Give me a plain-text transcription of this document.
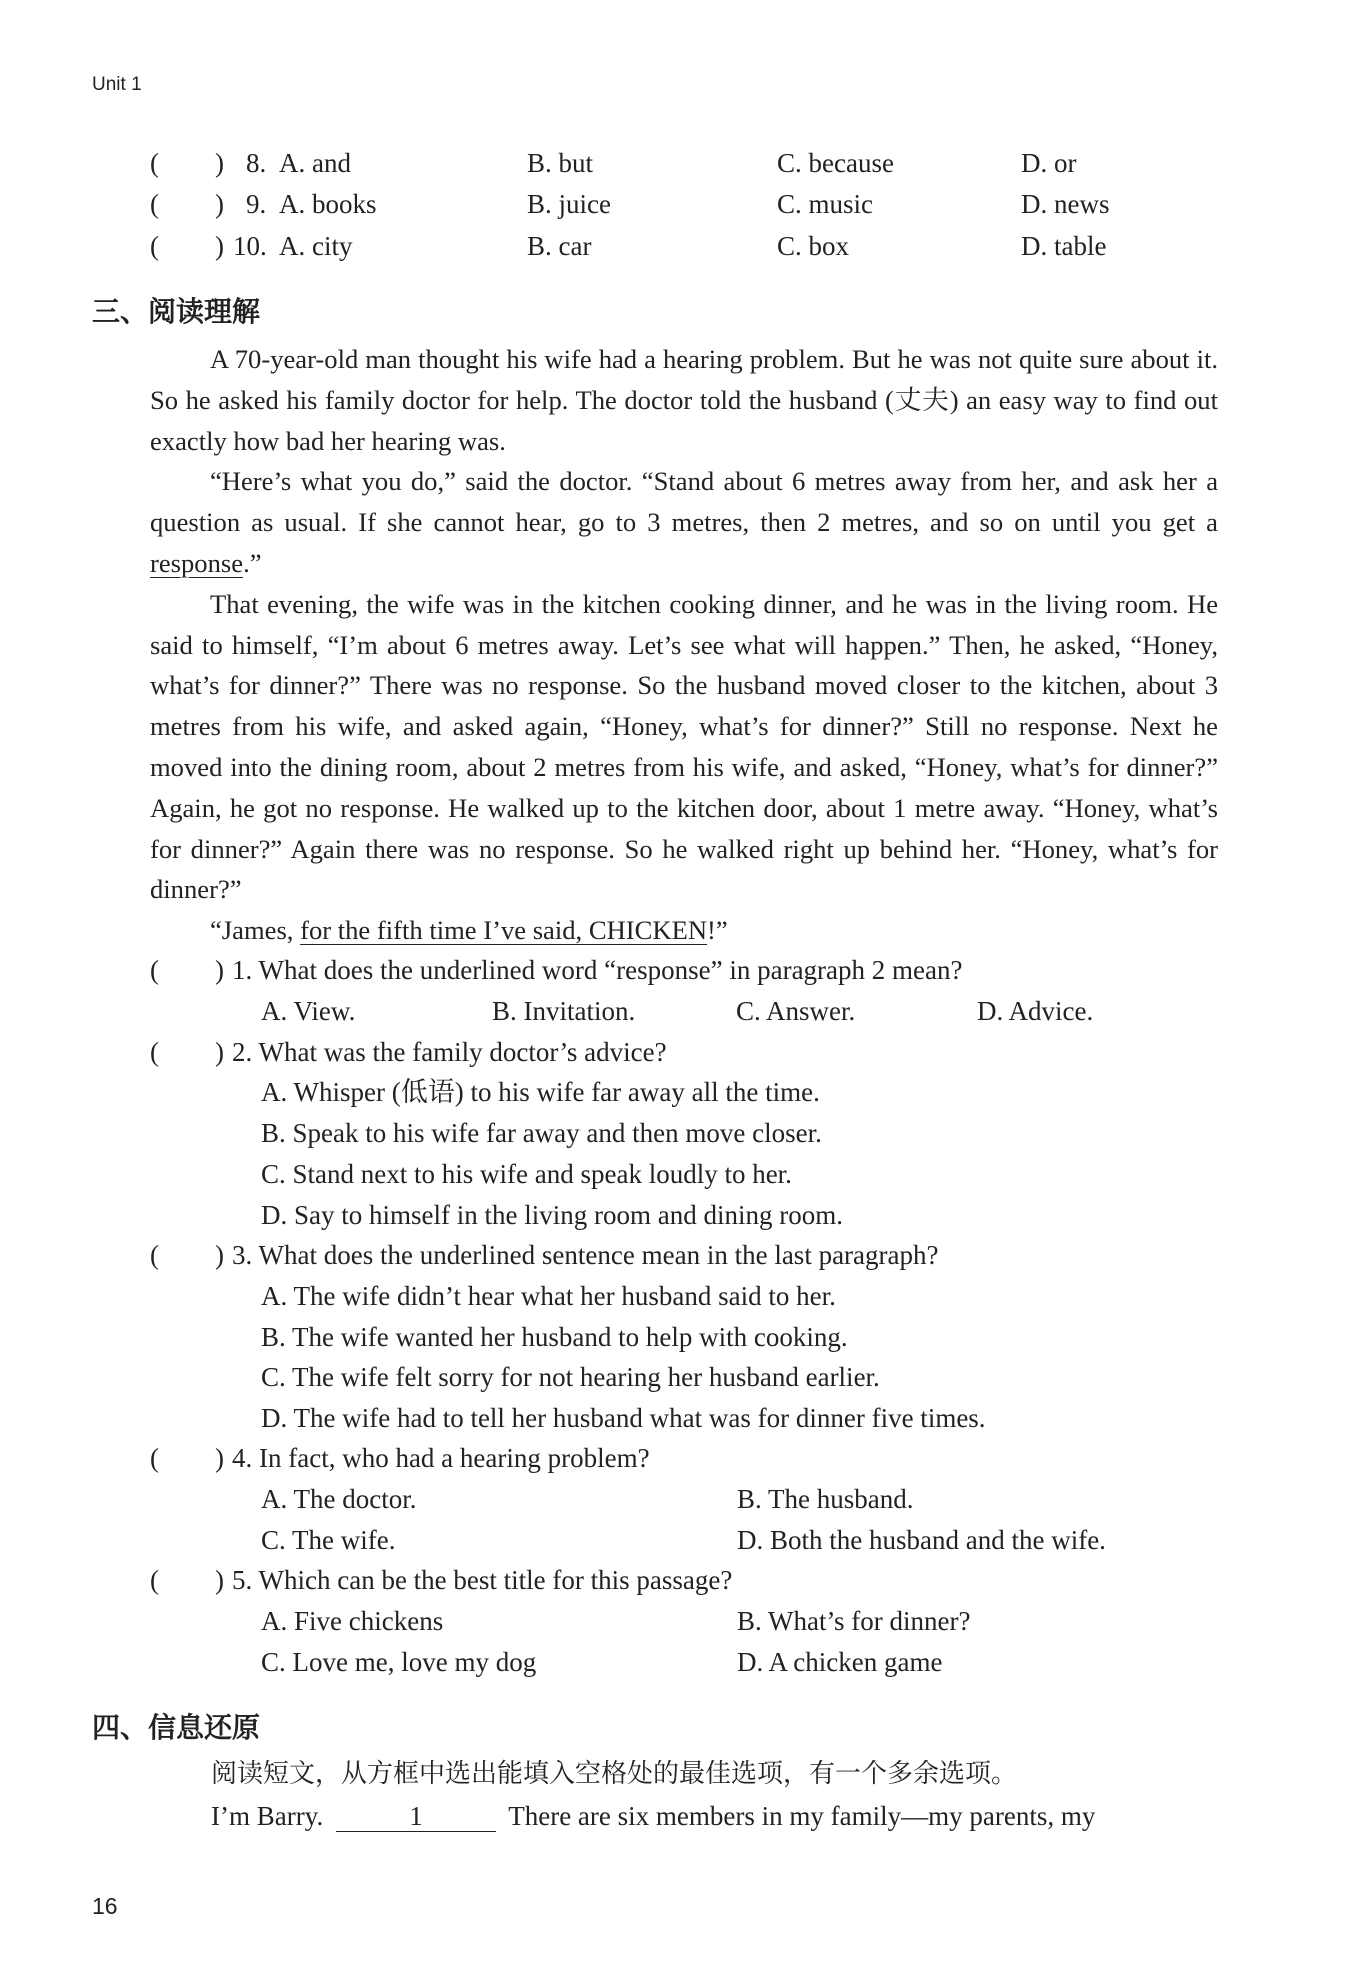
Unit 1
( ) 8. A. and	B. but	C. because	D. or
( ) 9. A. books	B. juice	C. music	D. news
( ) 10. A. city	B. car	C. box	D. table
三、阅读理解

A 70-year-old man thought his wife had a hearing problem. But he was not quite sure about it. So he asked his family doctor for help. The doctor told the husband (丈夫) an easy way to find out exactly how bad her hearing was.

“Here’s what you do,” said the doctor. “Stand about 6 metres away from her, and ask her a question as usual. If she cannot hear, go to 3 metres, then 2 metres, and so on until you get a response.”

That evening, the wife was in the kitchen cooking dinner, and he was in the living room. He said to himself, “I’m about 6 metres away. Let’s see what will happen.” Then, he asked, “Honey, what’s for dinner?” There was no response. So the husband moved closer to the kitchen, about 3 metres from his wife, and asked again, “Honey, what’s for dinner?” Still no response. Next he moved into the dining room, about 2 metres from his wife, and asked, “Honey, what’s for dinner?” Again, he got no response. He walked up to the kitchen door, about 1 metre away. “Honey, what’s for dinner?” Again there was no response. So he walked right up behind her. “Honey, what’s for dinner?”

“James, for the fifth time I’ve said, CHICKEN!”

( ) 1. What does the underlined word “response” in paragraph 2 mean?
A. View.	B. Invitation.	C. Answer.	D. Advice.
( ) 2. What was the family doctor’s advice?
A. Whisper (低语) to his wife far away all the time.
B. Speak to his wife far away and then move closer.
C. Stand next to his wife and speak loudly to her.
D. Say to himself in the living room and dining room.
( ) 3. What does the underlined sentence mean in the last paragraph?
A. The wife didn’t hear what her husband said to her.
B. The wife wanted her husband to help with cooking.
C. The wife felt sorry for not hearing her husband earlier.
D. The wife had to tell her husband what was for dinner five times.
( ) 4. In fact, who had a hearing problem?
A. The doctor.	B. The husband.
C. The wife.	D. Both the husband and the wife.
( ) 5. Which can be the best title for this passage?
A. Five chickens	B. What’s for dinner?
C. Love me, love my dog	D. A chicken game
四、信息还原
阅读短文，从方框中选出能填入空格处的最佳选项，有一个多余选项。
I’m Barry.	1	There are six members in my family—my parents, my
16
